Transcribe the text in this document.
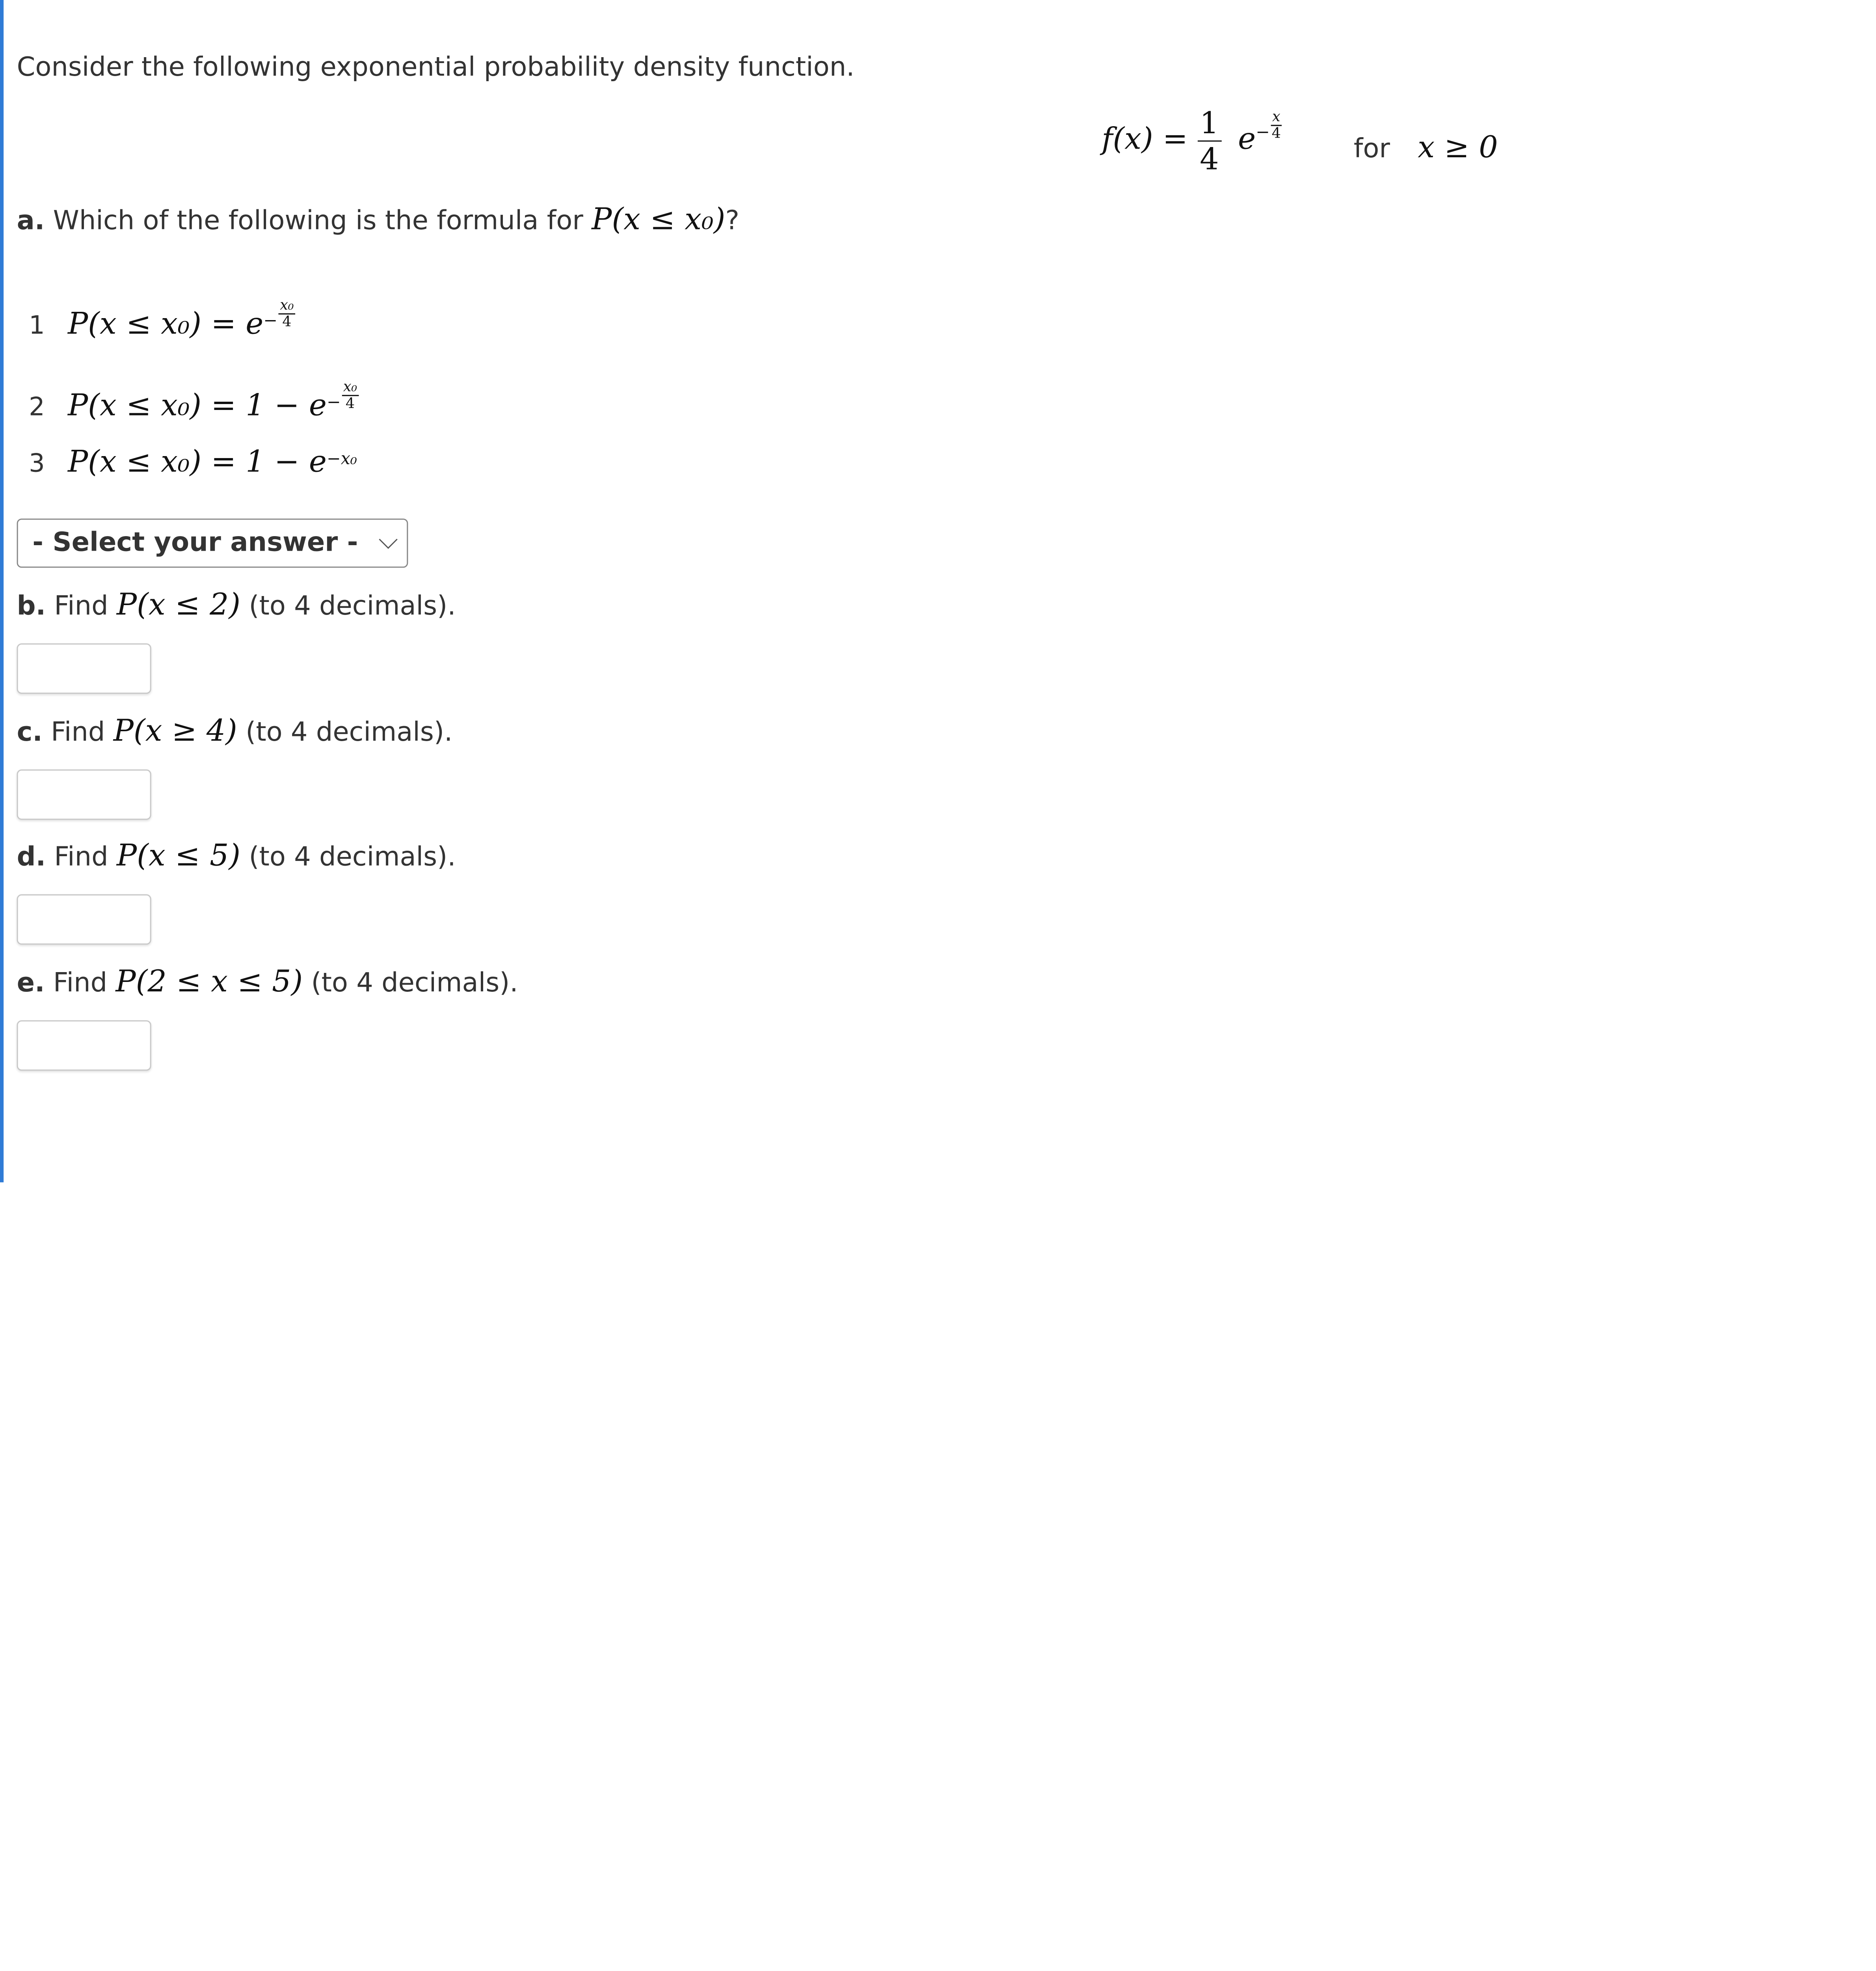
Consider the following exponential probability density function.
$f(x) = \frac{1}{4} e^- \frac{x}{4}$
for	x ≥ 0
a. Which of the following is the formula for P(x ≤ x₀)?
1 $P(x \le x_0) = e- \frac{\text{x₀}}{4}$
2 $P(x \le x_0) = 1 - e- \frac{\text{x₀}}{4}$
3 P(x ≤ x₀) = 1 − e−x₀
- Select your answer -
b. Find P(x ≤ 2) (to 4 decimals).
c. Find P(x ≥ 4) (to 4 decimals).
d. Find P(x ≤ 5) (to 4 decimals).
e. Find P(2 ≤ x ≤ 5) (to 4 decimals).
